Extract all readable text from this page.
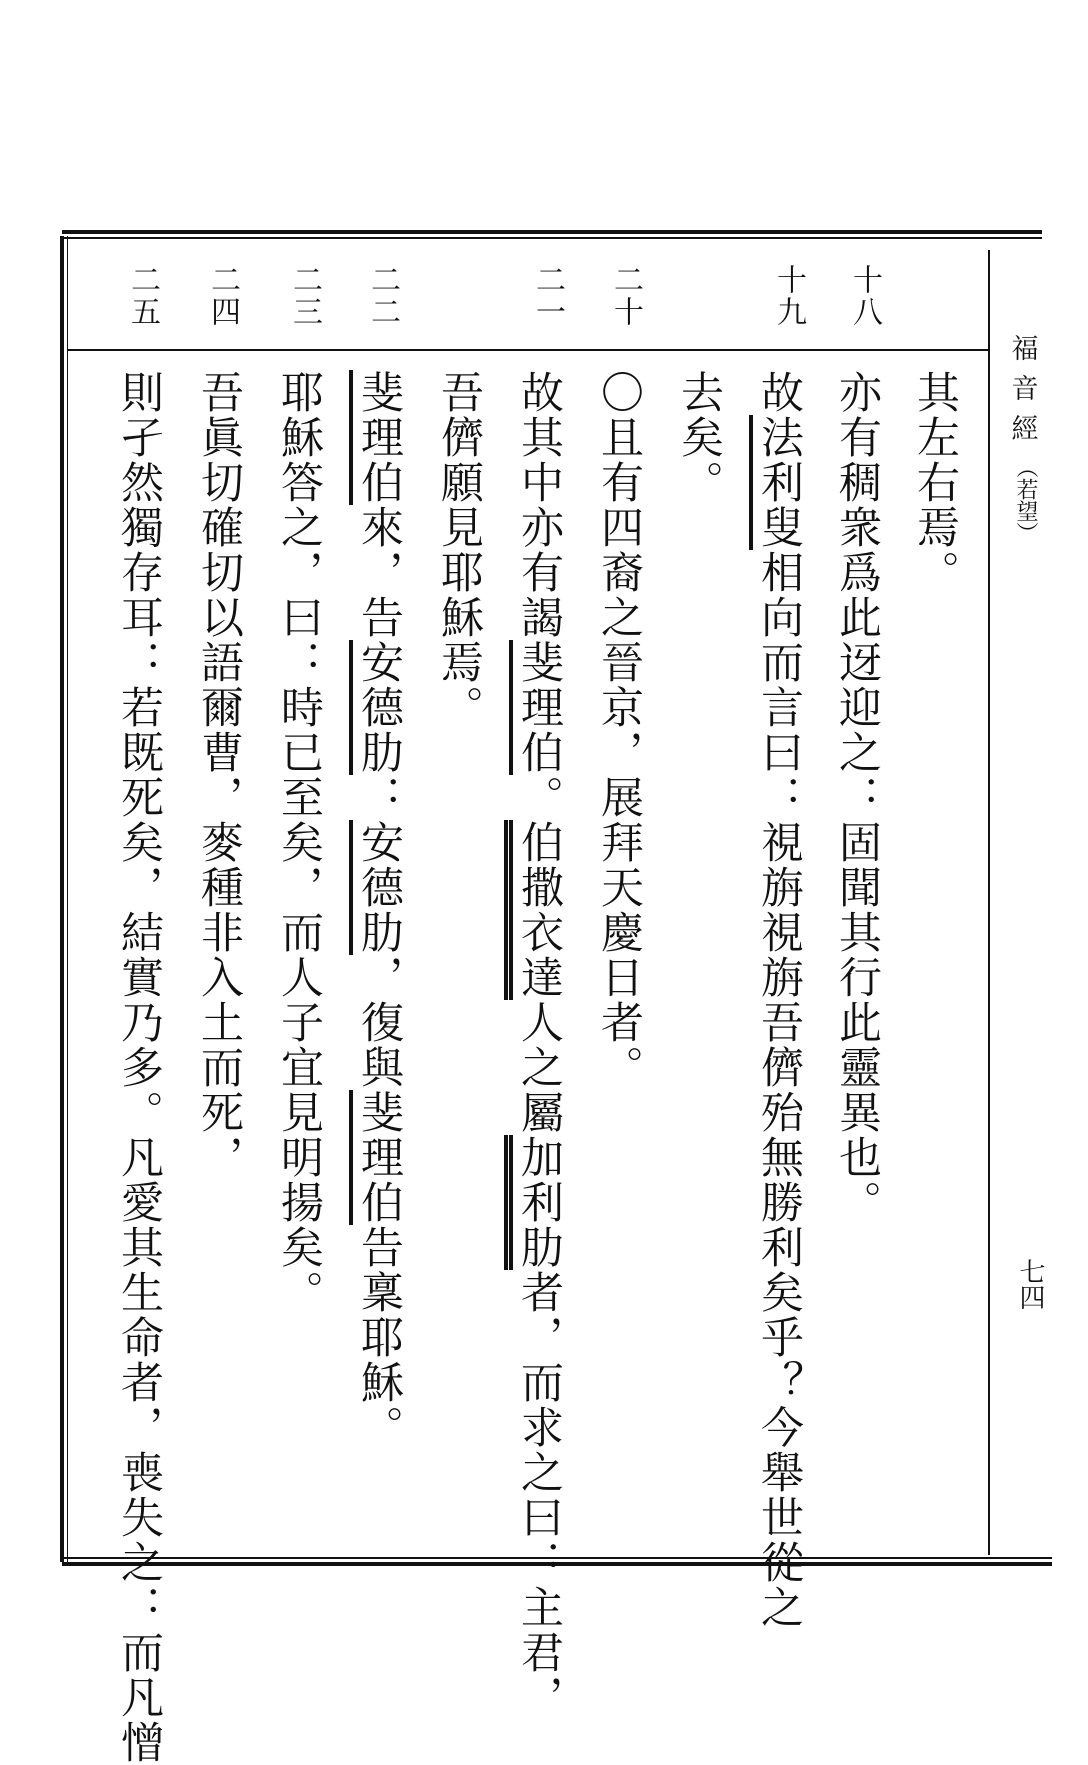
福
音
經
（若望）
七四
十八
十九
二十
二一
二二
二三
二四
二五
其左右焉。
亦有稠衆爲此迓迎之：固聞其行此靈異也。
故法利叟相向而言曰：視旃視旃吾儕殆無勝利矣乎？今舉世從之
去矣。
〇且有四裔之晉京，展拜天慶日者。
故其中亦有謁斐理伯。伯撒衣達人之屬加利肋者，而求之曰：主君，
吾儕願見耶穌焉。
斐理伯來，告安德肋：安德肋，復與斐理伯告稟耶穌。
耶穌答之，曰：時已至矣，而人子宜見明揚矣。
吾眞切確切以語爾曹，麥種非入土而死，
則孑然獨存耳：若既死矣，結實乃多。凡愛其生命者，喪失之：而凡憎
